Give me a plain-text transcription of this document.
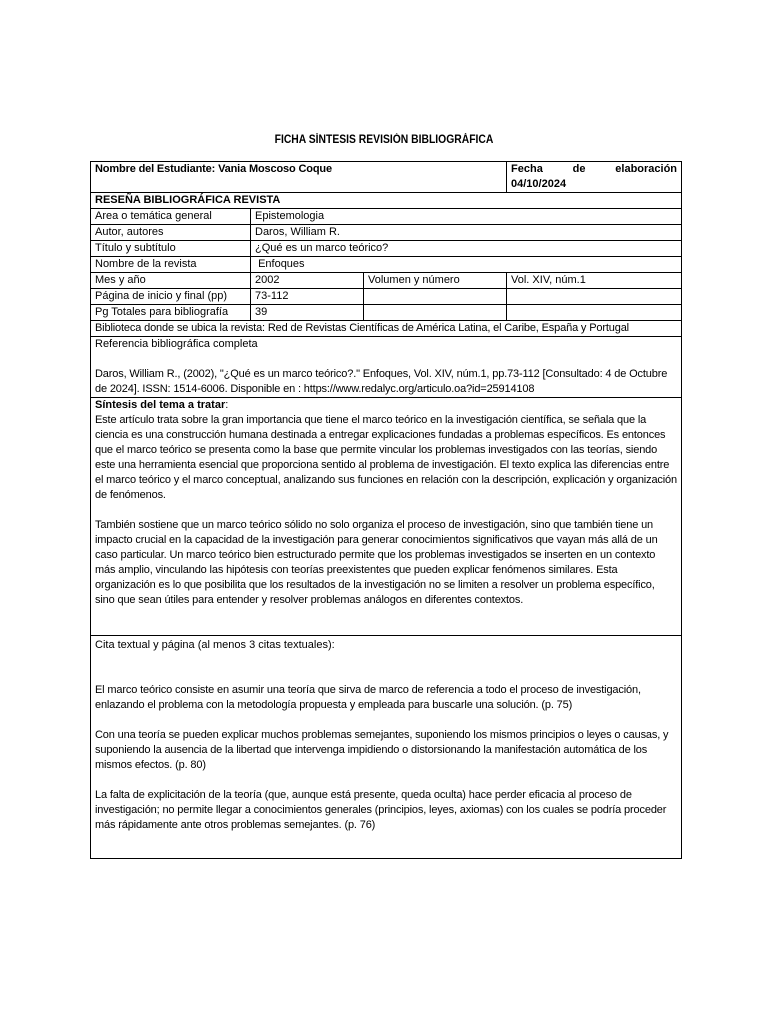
FICHA SÍNTESIS REVISIÓN BIBLIOGRÁFICA
Nombre del Estudiante: Vania Moscoso Coque			Fecha de elaboración
04/10/2024

RESEÑA BIBLIOGRÁFICA REVISTA			
Area o temática general	Epistemologia		
Autor, autores	Daros, William R.		
Título y subtítulo	¿Qué es un marco teórico?		
Nombre de la revista	Enfoques		
Mes y año	2002	Volumen y número	Vol. XIV, núm.1
Página de inicio y final (pp)	73-112		
Pg Totales para bibliografía	39		
Biblioteca donde se ubica la revista: Red de Revistas Científicas de América Latina, el Caribe, España y Portugal			

Referencia bibliográfica completa
Daros, William R., (2002), "¿Qué es un marco teórico?." Enfoques, Vol. XIV, núm.1, pp.73-112 [Consultado: 4 de Octubre de 2024]. ISSN: 1514-6006. Disponible en : https://www.redalyc.org/articulo.oa?id=25914108			

Síntesis del tema a tratar:

Este artículo trata sobre la gran importancia que tiene el marco teórico en la investigación científica, se señala que la ciencia es una construcción humana destinada a entregar explicaciones fundadas a problemas específicos. Es entonces que el marco teórico se presenta como la base que permite vincular los problemas investigados con las teorías, siendo este una herramienta esencial que proporciona sentido al problema de investigación. El texto explica las diferencias entre el marco teórico y el marco conceptual, analizando sus funciones en relación con la descripción, explicación y organización de fenómenos.

También sostiene que un marco teórico sólido no solo organiza el proceso de investigación, sino que también tiene un impacto crucial en la capacidad de la investigación para generar conocimientos significativos que vayan más allá de un caso particular. Un marco teórico bien estructurado permite que los problemas investigados se inserten en un contexto más amplio, vinculando las hipótesis con teorías preexistentes que pueden explicar fenómenos similares. Esta organización es lo que posibilita que los resultados de la investigación no se limiten a resolver un problema específico, sino que sean útiles para entender y resolver problemas análogos en diferentes contextos.			

Cita textual y página (al menos 3 citas textuales):

El marco teórico consiste en asumir una teoría que sirva de marco de referencia a todo el proceso de investigación, enlazando el problema con la metodología propuesta y empleada para buscarle una solución. (p. 75)

Con una teoría se pueden explicar muchos problemas semejantes, suponiendo los mismos principios o leyes o causas, y suponiendo la ausencia de la libertad que intervenga impidiendo o distorsionando la manifestación automática de los mismos efectos. (p. 80)

La falta de explicitación de la teoría (que, aunque está presente, queda oculta) hace perder eficacia al proceso de investigación; no permite llegar a conocimientos generales (principios, leyes, axiomas) con los cuales se podría proceder más rápidamente ante otros problemas semejantes. (p. 76)			
